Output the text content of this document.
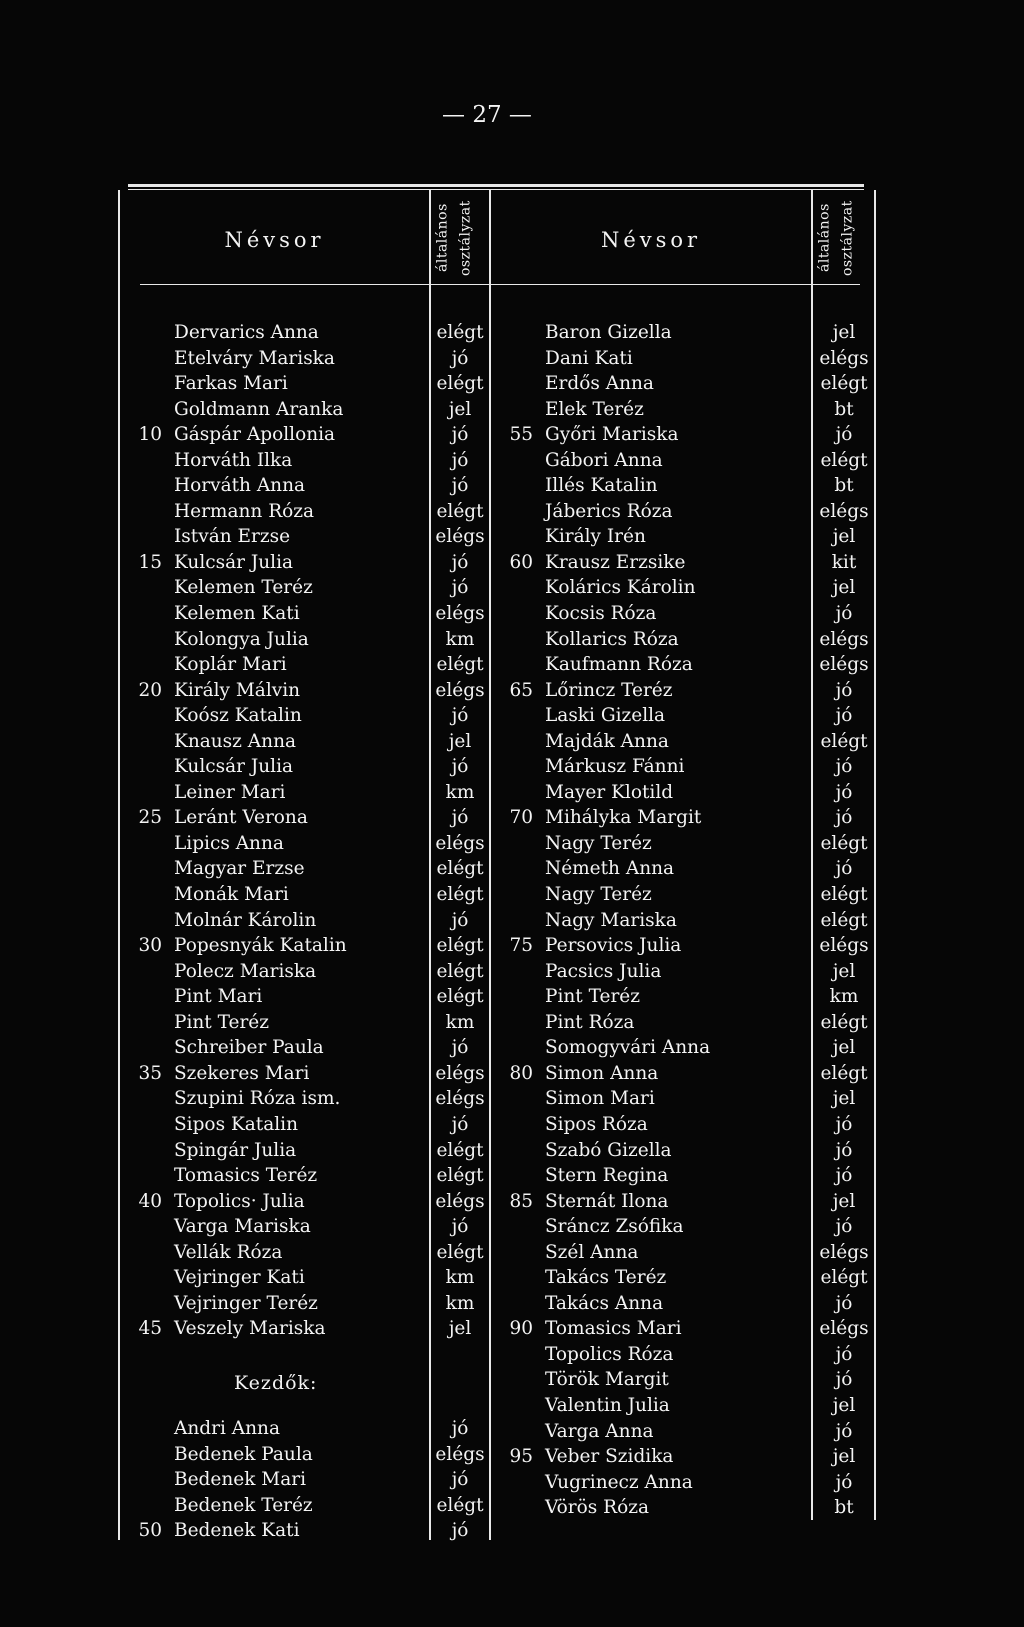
— 27 —
Névsor	általános osztályzat	Névsor	általános osztályzat
Dervarics Anna	elégt
Etelváry Mariska	jó
Farkas Mari	elégt
Goldmann Aranka	jel
10 Gáspár Apollonia	jó
Horváth Ilka	jó
Horváth Anna	jó
Hermann Róza	elégt
István Erzse	elégs
15 Kulcsár Julia	jó
Kelemen Teréz	jó
Kelemen Kati	elégs
Kolongya Julia	km
Koplár Mari	elégt
20 Király Málvin	elégs
Koósz Katalin	jó
Knausz Anna	jel
Kulcsár Julia	jó
Leiner Mari	km
25 Leránt Verona	jó
Lipics Anna	elégs
Magyar Erzse	elégt
Monák Mari	elégt
Molnár Károlin	jó
30 Popesnyák Katalin	elégt
Polecz Mariska	elégt
Pint Mari	elégt
Pint Teréz	km
Schreiber Paula	jó
35 Szekeres Mari	elégs
Szupini Róza ism.	elégs
Sipos Katalin	jó
Spingár Julia	elégt
Tomasics Teréz	elégt
40 Topolics· Julia	elégs
Varga Mariska	jó
Vellák Róza	elégt
Vejringer Kati	km
Vejringer Teréz	km
45 Veszely Mariska	jel
Kezdők:
Andri Anna	jó
Bedenek Paula	elégs
Bedenek Mari	jó
Bedenek Teréz	elégt
50 Bedenek Kati	jó
Baron Gizella	jel
Dani Kati	elégs
Erdős Anna	elégt
Elek Teréz	bt
55 Győri Mariska	jó
Gábori Anna	elégt
Illés Katalin	bt
Jáberics Róza	elégs
Király Irén	jel
60 Krausz Erzsike	kit
Kolárics Károlin	jel
Kocsis Róza	jó
Kollarics Róza	elégs
Kaufmann Róza	elégs
65 Lőrincz Teréz	jó
Laski Gizella	jó
Majdák Anna	elégt
Márkusz Fánni	jó
Mayer Klotild	jó
70 Mihályka Margit	jó
Nagy Teréz	elégt
Németh Anna	jó
Nagy Teréz	elégt
Nagy Mariska	elégt
75 Persovics Julia	elégs
Pacsics Julia	jel
Pint Teréz	km
Pint Róza	elégt
Somogyvári Anna	jel
80 Simon Anna	elégt
Simon Mari	jel
Sipos Róza	jó
Szabó Gizella	jó
Stern Regina	jó
85 Sternát Ilona	jel
Sráncz Zsófika	jó
Szél Anna	elégs
Takács Teréz	elégt
Takács Anna	jó
90 Tomasics Mari	elégs
Topolics Róza	jó
Török Margit	jó
Valentin Julia	jel
Varga Anna	jó
95 Veber Szidika	jel
Vugrinecz Anna	jó
Vörös Róza	bt
